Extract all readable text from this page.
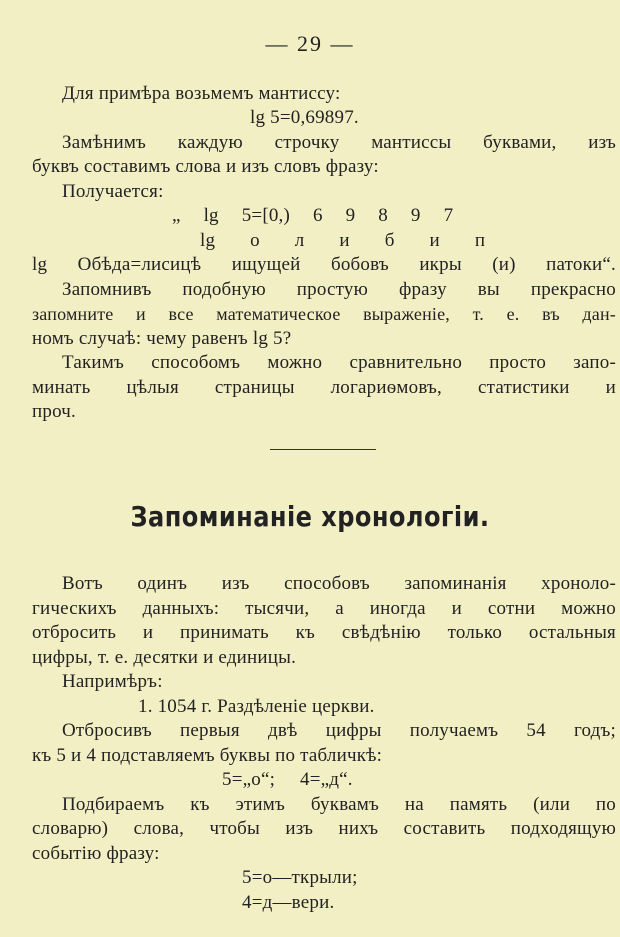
— 29 —
Для примѣра возьмемъ мантиссу:
lg 5=0,69897.
Замѣнимъ каждую строчку мантиссы буквами, изъ
буквъ составимъ слова и изъ словъ фразу:
Получается:
„ lg 5=[0,) 6 9 8 9 7
lg о л и б и п
lg Обѣда=лисицѣ ищущей бобовъ икры (и) патоки“.
Запомнивъ подобную простую фразу вы прекрасно
запомните и все математическое выраженіе, т. е. въ дан-
номъ случаѣ: чему равенъ lg 5?
Такимъ способомъ можно сравнительно просто запо-
минать цѣлыя страницы логариѳмовъ, статистики и
проч.
Запоминаніе хронологіи.
Вотъ одинъ изъ способовъ запоминанія хроноло-
гическихъ данныхъ: тысячи, а иногда и сотни можно
отбросить и принимать къ свѣдѣнію только остальныя
цифры, т. е. десятки и единицы.
Напримѣръ:
1. 1054 г. Раздѣленіе церкви.
Отбросивъ первыя двѣ цифры получаемъ 54 годъ;
къ 5 и 4 подставляемъ буквы по табличкѣ:
5=„о“; 4=„д“.
Подбираемъ къ этимъ буквамъ на память (или по
словарю) слова, чтобы изъ нихъ составить подходящую
событію фразу:
5=о—ткрыли;
4=д—вери.
